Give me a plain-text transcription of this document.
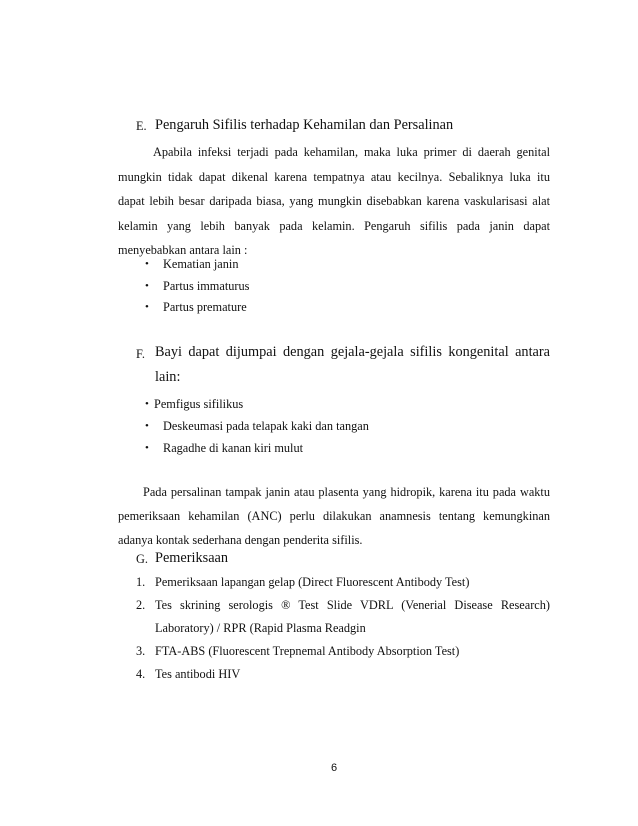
E. Pengaruh Sifilis terhadap Kehamilan dan Persalinan
Apabila infeksi terjadi pada kehamilan, maka luka primer di daerah genital
mungkin tidak dapat dikenal karena tempatnya atau kecilnya. Sebaliknya luka itu
dapat lebih besar daripada biasa, yang mungkin disebabkan karena vaskularisasi alat
kelamin yang lebih banyak pada kelamin. Pengaruh sifilis pada janin dapat
menyebabkan antara lain :
• Kematian janin
• Partus immaturus
• Partus premature
F. Bayi dapat dijumpai dengan gejala-gejala sifilis kongenital antara
lain:
• Pemfigus sifilikus
• Deskeumasi pada telapak kaki dan tangan
• Ragadhe di kanan kiri mulut
Pada persalinan tampak janin atau plasenta yang hidropik, karena itu pada waktu
pemeriksaan kehamilan (ANC) perlu dilakukan anamnesis tentang kemungkinan
adanya kontak sederhana dengan penderita sifilis.
G. Pemeriksaan
1. Pemeriksaan lapangan gelap (Direct Fluorescent Antibody Test)
2. Tes skrining serologis ® Test Slide VDRL (Venerial Disease Research)
Laboratory) / RPR (Rapid Plasma Readgin
3. FTA-ABS (Fluorescent Trepnemal Antibody Absorption Test)
4. Tes antibodi HIV
6
